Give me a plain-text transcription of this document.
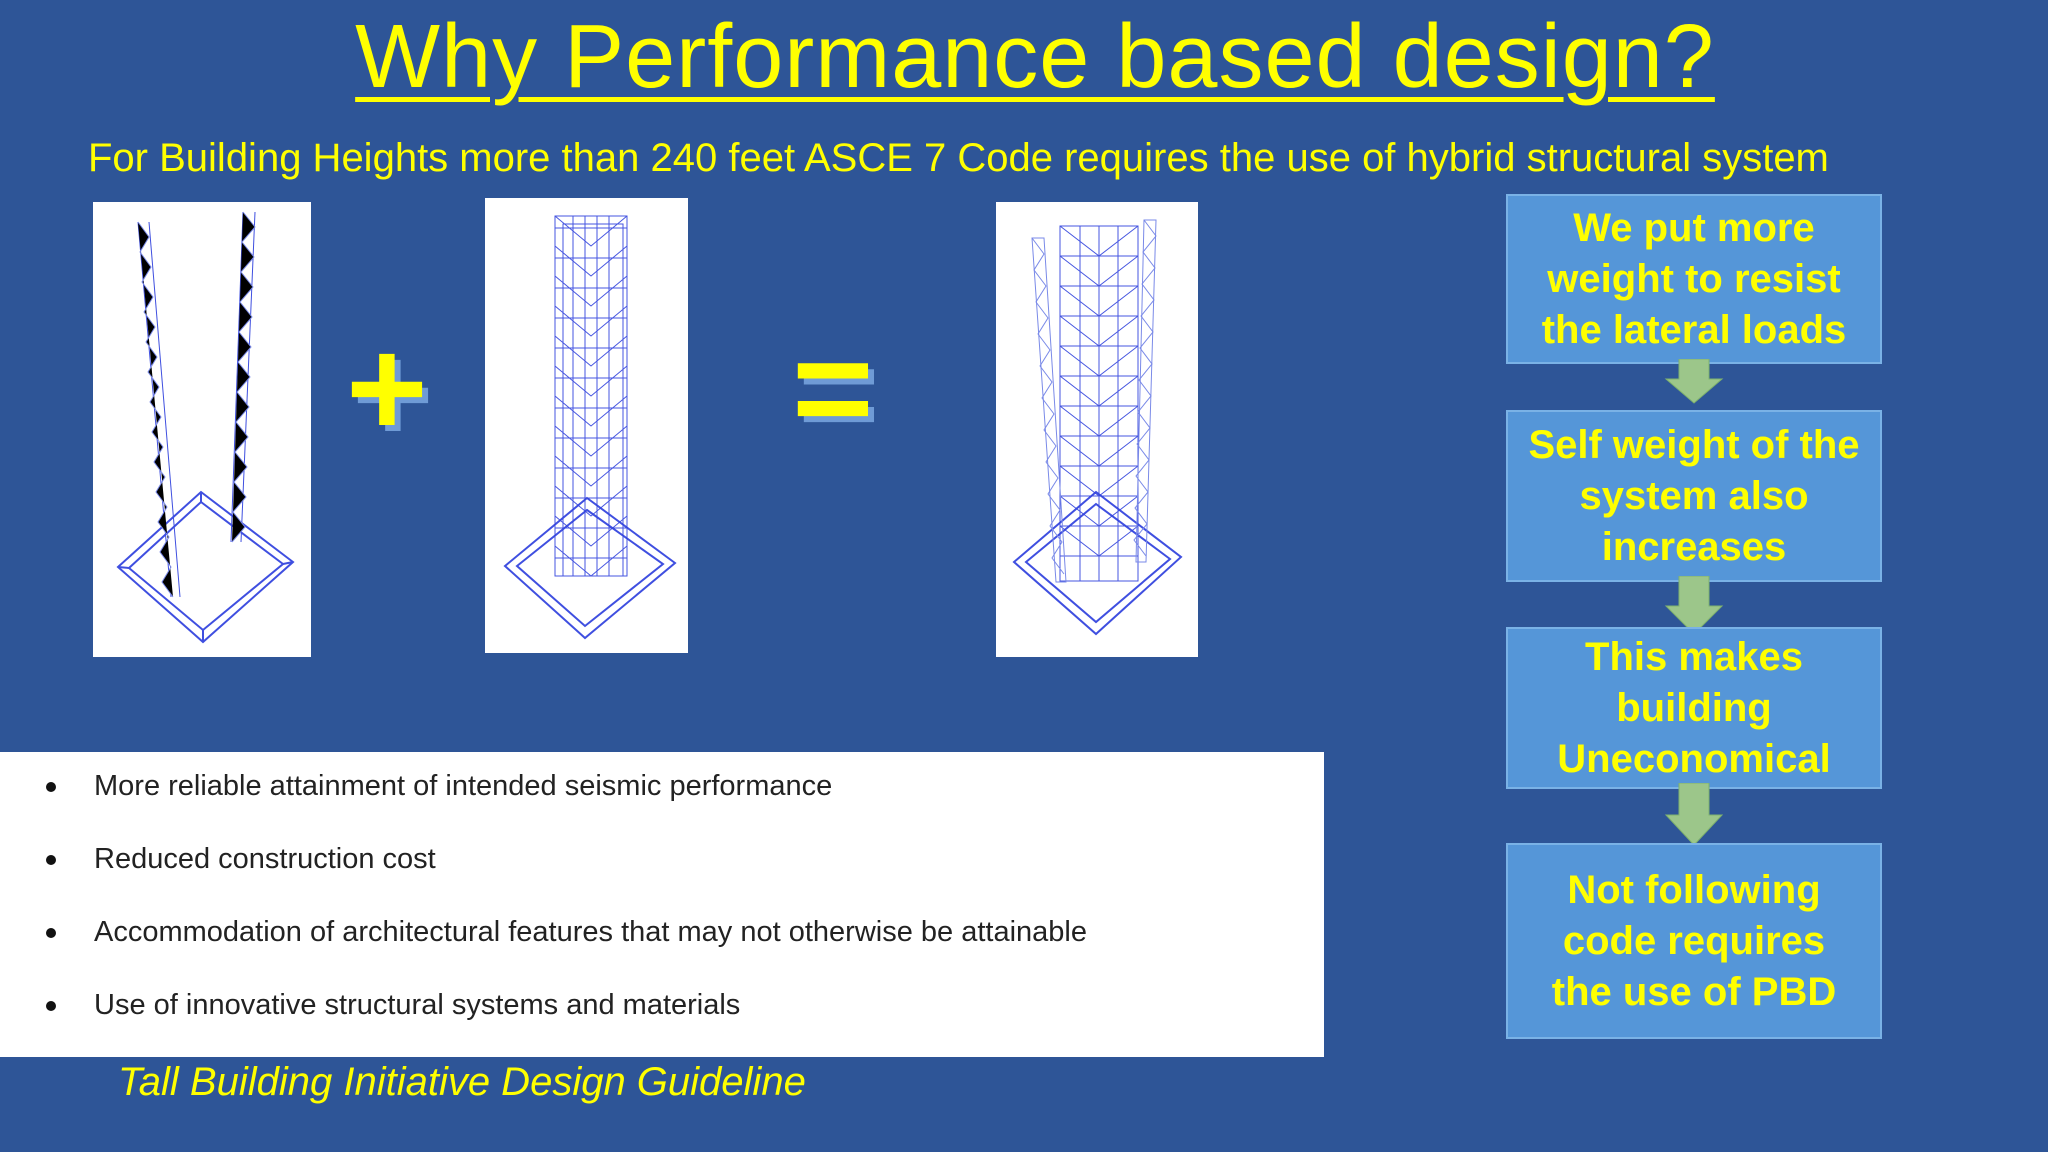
Why Performance based design?
For Building Heights more than 240 feet ASCE 7 Code requires the use of hybrid structural system
+	=
We put more weight to resist the lateral loads
Self weight of the system also increases
This makes building Uneconomical
Not following code requires the use of PBD
More reliable attainment of intended seismic performance
Reduced construction cost
Accommodation of architectural features that may not otherwise be attainable
Use of innovative structural systems and materials
Tall Building Initiative Design Guideline
